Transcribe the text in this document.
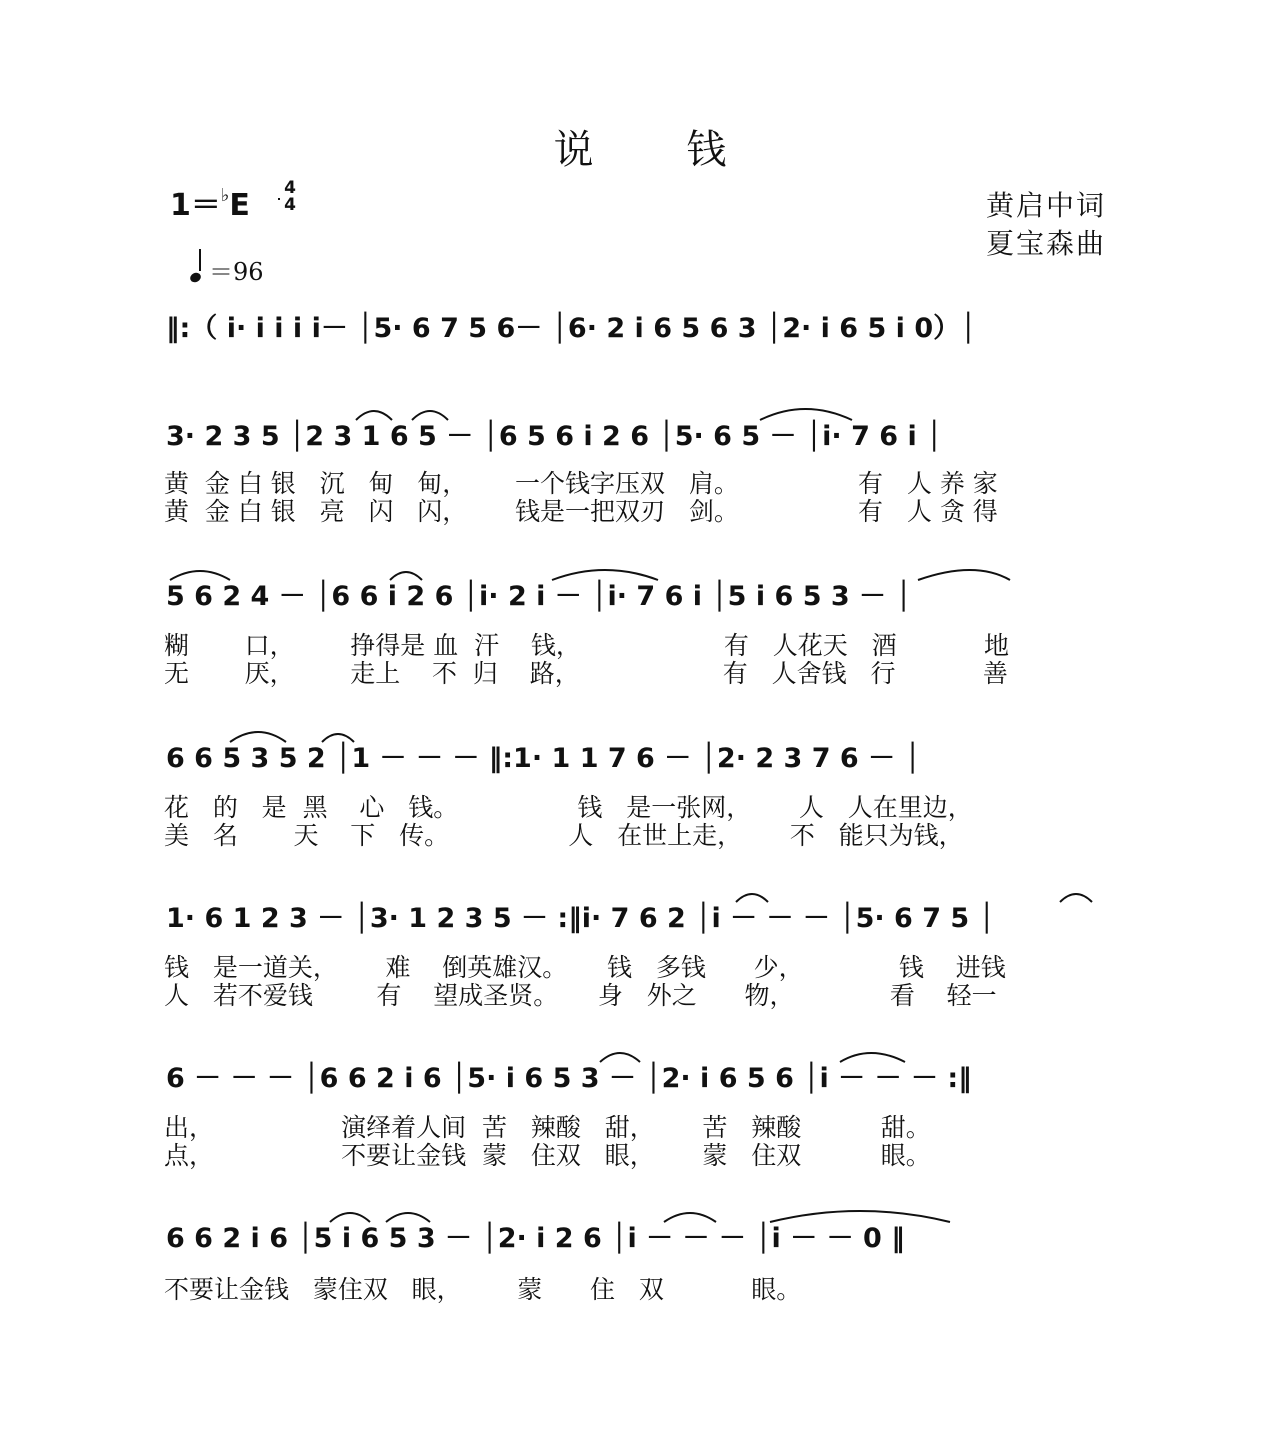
说 钱
1＝♭E	4
4	黄启中词
夏宝森曲
＝96
‖:（ i· i i i i－ │5· 6 7 5 6－ │6· 2 i 6 5 6 3 │2· i 6 5 i 0）│
3· 2 3 5 │2 3 1 6 5 － │6 5 6 i 2 6 │5· 6 5 － │i· 7 6 i │
黄  金 白 银   沉   甸   甸，      一个钱字压双   肩。               有   人 养 家
黄  金 白 银   亮   闪   闪，      钱是一把双刃   剑。               有   人 贪 得
5 6 2 4 － │6 6 i 2 6 │i· 2 i － │i· 7 6 i │5 i 6 5 3 － │
糊       口，       挣得是 血  汗    钱，                  有   人花天   酒           地
无       厌，       走上    不  归    路，                  有   人舍钱   行           善
6 6 5 3 5 2 │1 － － － ‖:1· 1 1 7 6 － │2· 2 3 7 6 － │
花   的   是  黑    心   钱。               钱   是一张网，      人   人在里边，
美   名       天    下   传。               人   在世上走，      不   能只为钱，
1· 6 1 2 3 － │3· 1 2 3 5 － :‖i· 7 6 2 │i － － － │5· 6 7 5 │
钱   是一道关，      难    倒英雄汉。     钱   多钱      少，            钱    进钱
人   若不爱钱        有    望成圣贤。     身   外之      物，            看    轻一
6 － － － │6 6 2 i 6 │5· i 6 5 3 － │2· i 6 5 6 │i － － － :‖
出，                演绎着人间  苦   辣酸   甜，      苦   辣酸          甜。
点，                不要让金钱  蒙   住双   眼，      蒙   住双          眼。
6 6 2 i 6 │5 i 6 5 3 － │2· i 2 6 │i － － － │i － － 0 ‖
不要让金钱   蒙住双   眼，       蒙      住   双           眼。
